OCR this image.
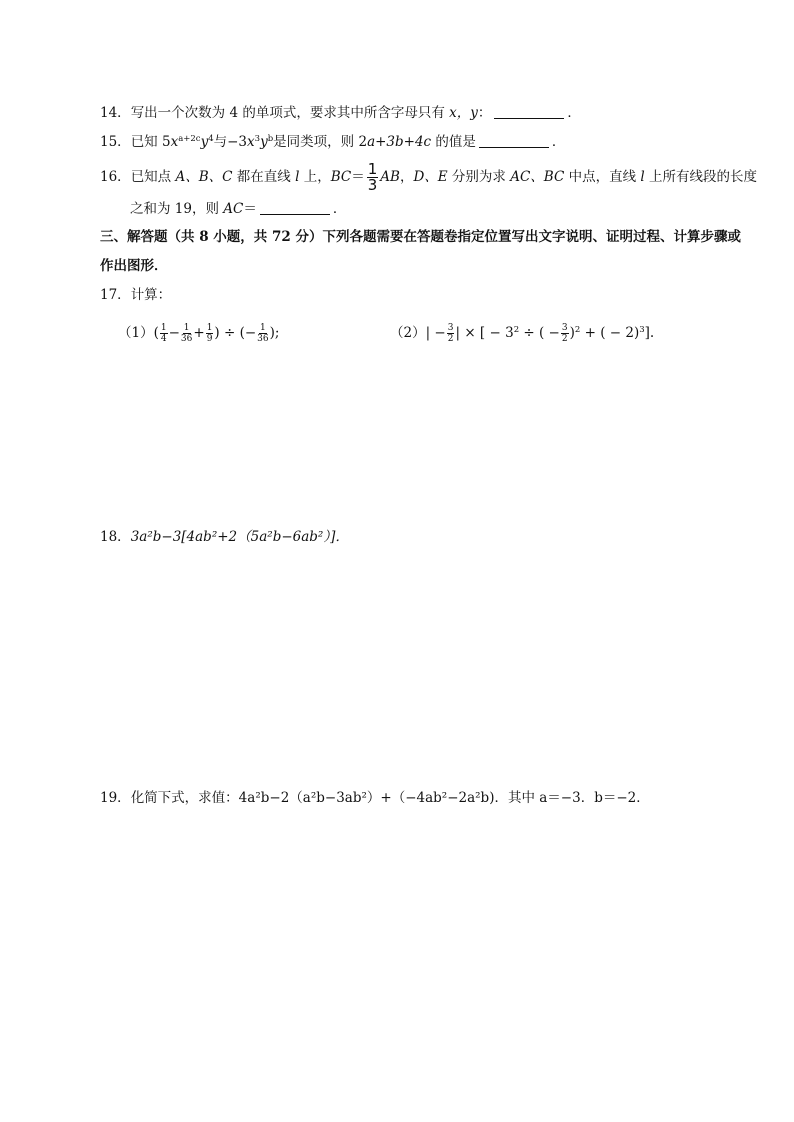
14．写出一个次数为 4 的单项式，要求其中所含字母只有 x，y：	．
15．已知 $5x^{a+2c}y^4$与$-3x^3y^b$是同类项，则 2a+3b+4c 的值是	．
16．已知点 A、B、C 都在直线 l 上，$BC= \frac{1}{3}$ AB，D、E 分别为求 AC、BC 中点，直线 l 上所有线段的长度
之和为 19，则 AC＝	．
三、解答题（共 8 小题，共 72 分）下列各题需要在答题卷指定位置写出文字说明、证明过程、计算步骤或
作出图形．
17．计算：
$(1)( \frac{1}{4} - \frac{1}{36} + \frac{1}{9}$ ) ÷ (− $\frac{1}{36}$ );	$(2)| - \frac{3}{2}$ | × [ − $3^2$ ÷ ( − $\frac{3}{2} )^2$ + ( − 2)$^3$].
18．3a²b−3[4ab²+2（5a²b−6ab²）]．
19．化简下式，求值：4a²b−2（a²b−3ab²）+（−4ab²−2a²b)．其中 a＝−3．b＝−2．
